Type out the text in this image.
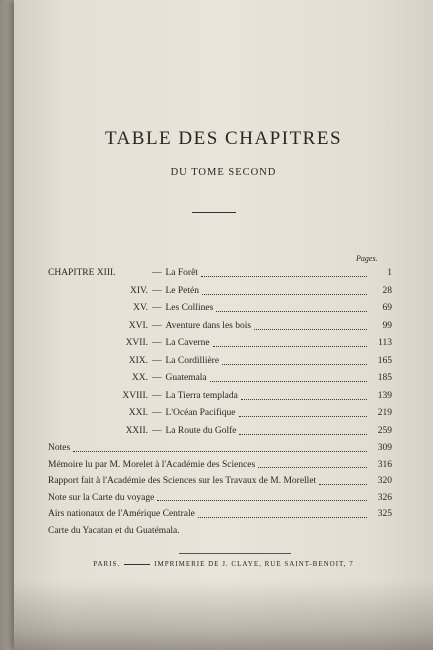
TABLE DES CHAPITRES
DU TOME SECOND
Pages.
CHAPITRE XIII.	— La Forêt	1
XIV. — Le Petén	28
XV. — Les Collines	69
XVI. — Aventure dans les bois	99
XVII. — La Caverne	113
XIX. — La Cordillière	165
XX. — Guatemala	185
XVIII. — La Tierra templada	139
XXI. — L'Océan Pacifique	219
XXII. — La Route du Golfe	259
Notes	309
Mémoire lu par M. Morelet à l'Académie des Sciences	316
Rapport fait à l'Académie des Sciences sur les Travaux de M. Morellet	320
Note sur la Carte du voyage	326
Airs nationaux de l'Amérique Centrale	325
Carte du Yacatan et du Guatémala.
PARIS.	IMPRIMERIE DE J. CLAYE, RUE SAINT-BENOIT, 7
